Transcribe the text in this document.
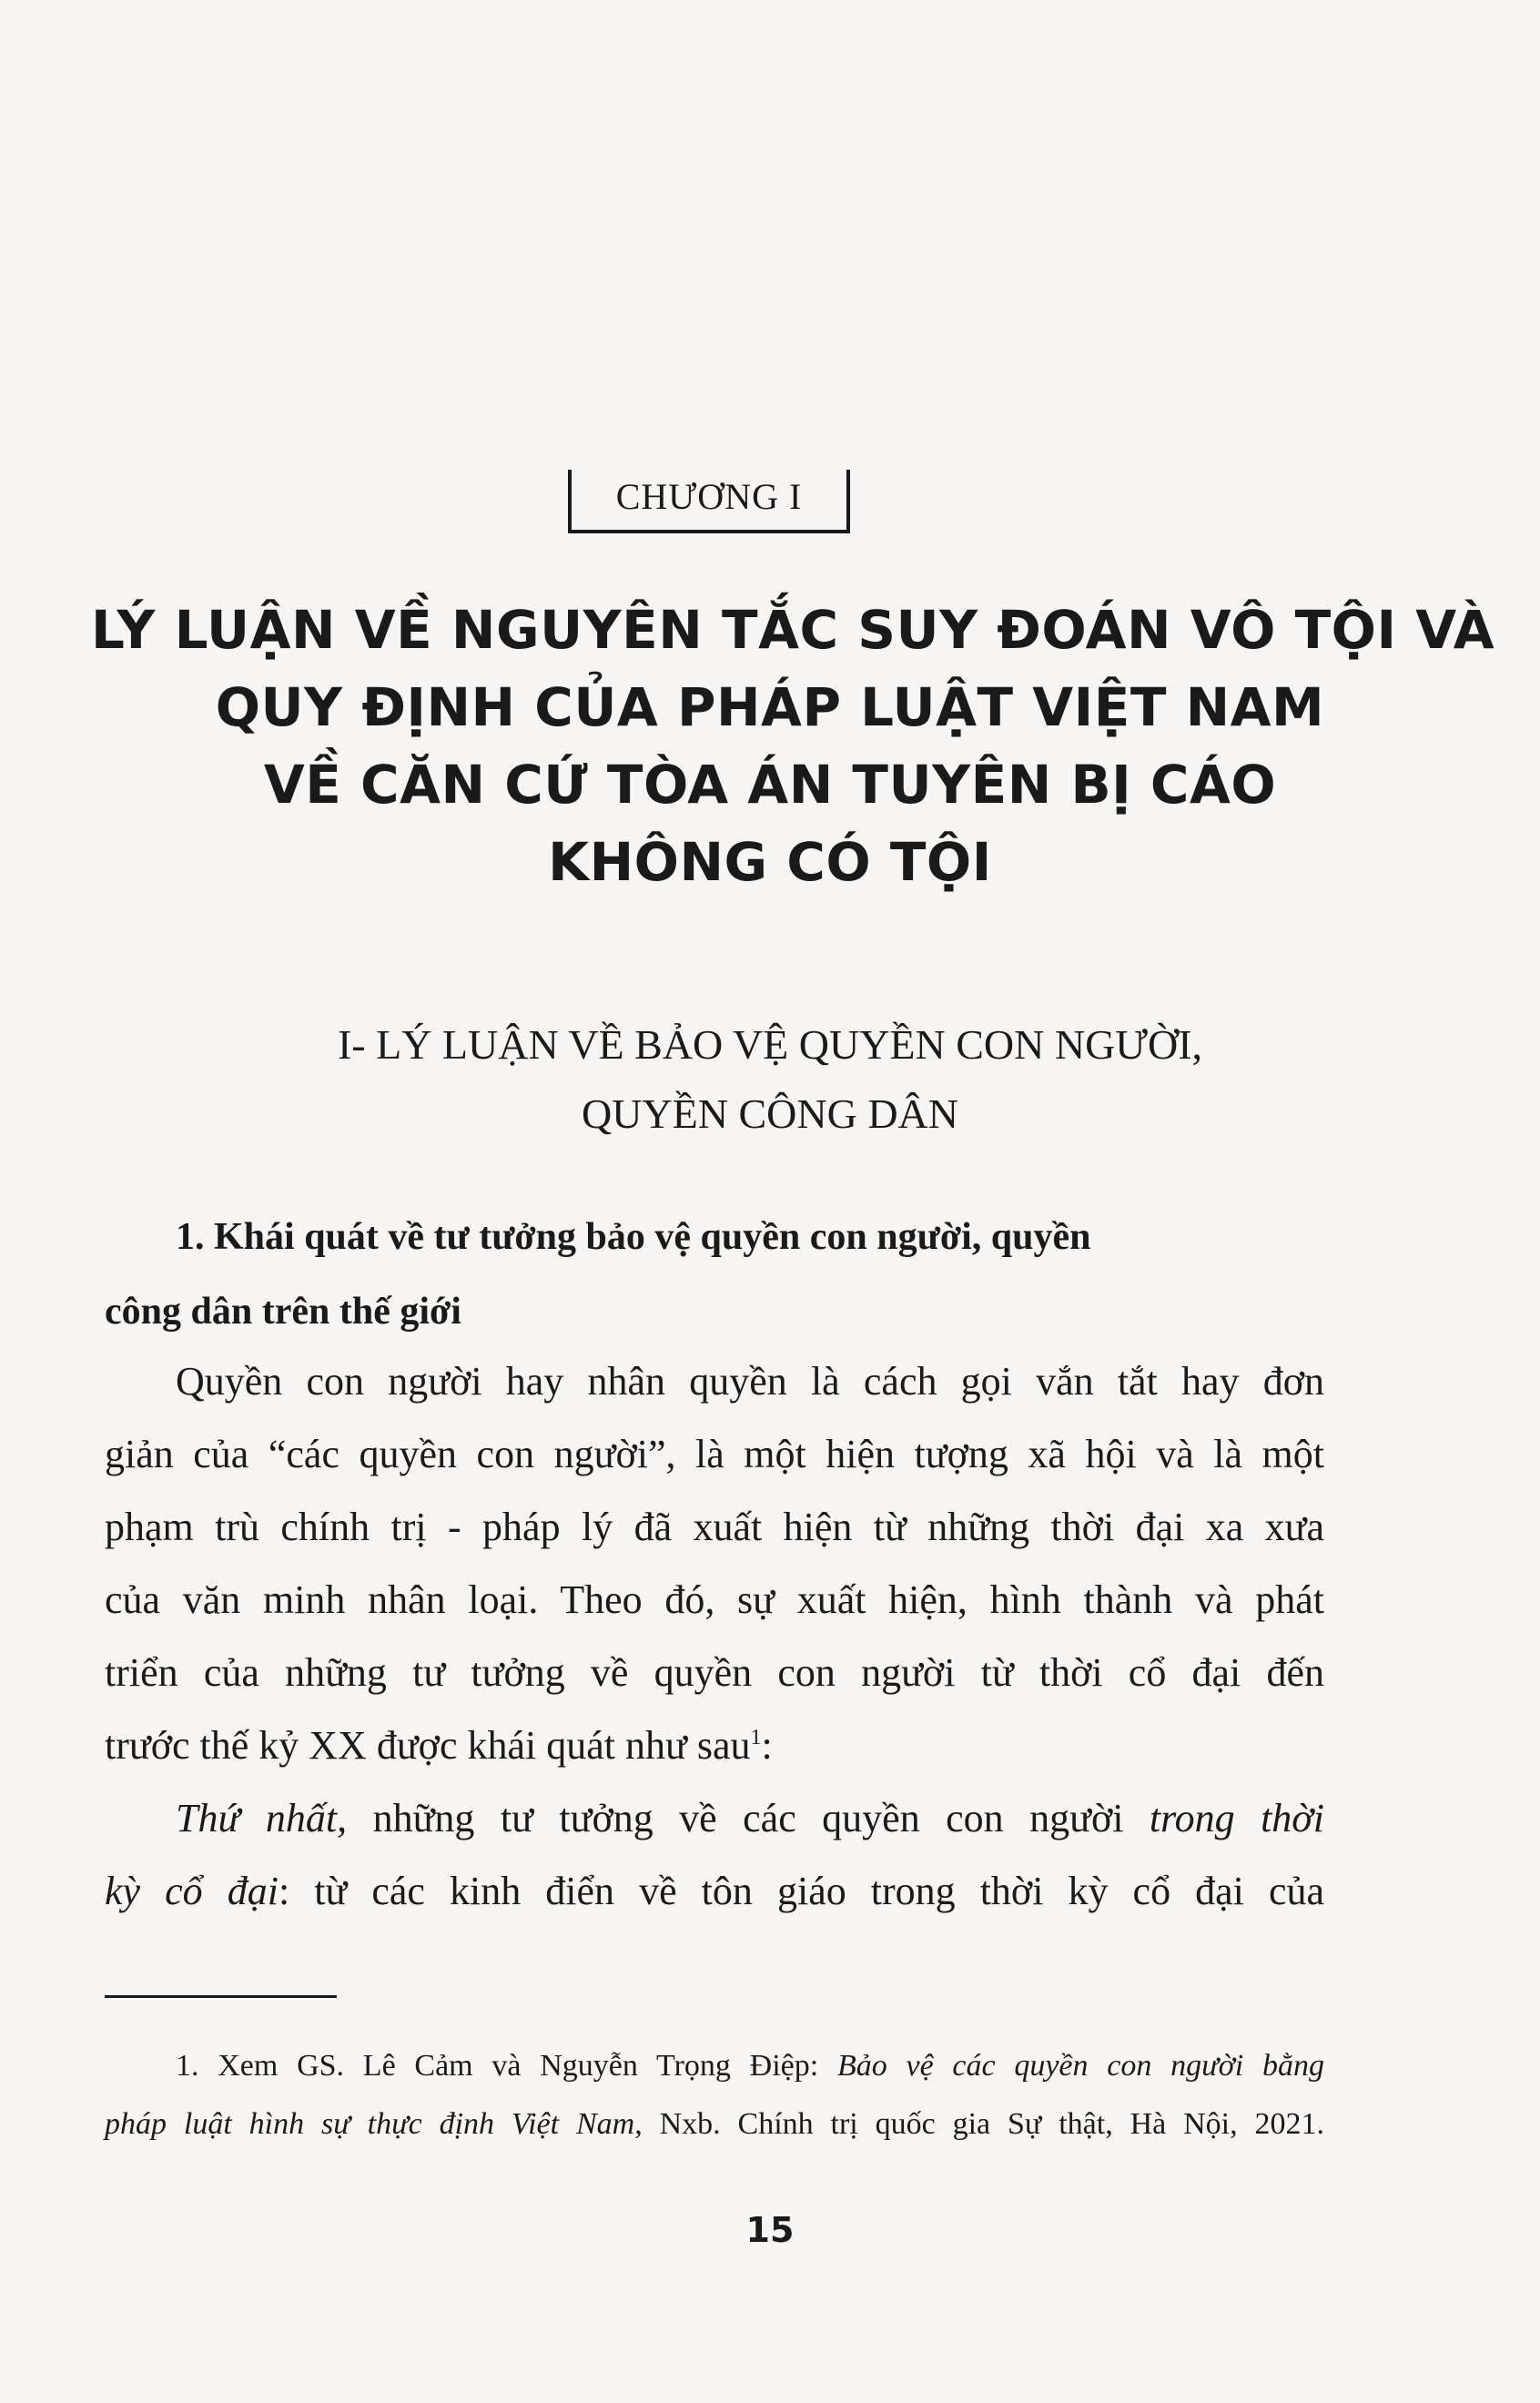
CHƯƠNG I
LÝ LUẬN VỀ NGUYÊN TẮC SUY ĐOÁN VÔ TỘI VÀ
QUY ĐỊNH CỦA PHÁP LUẬT VIỆT NAM
VỀ CĂN CỨ TÒA ÁN TUYÊN BỊ CÁO
KHÔNG CÓ TỘI
I- LÝ LUẬN VỀ BẢO VỆ QUYỀN CON NGƯỜI,
QUYỀN CÔNG DÂN
1. Khái quát về tư tưởng bảo vệ quyền con người, quyền
công dân trên thế giới
Quyền con người hay nhân quyền là cách gọi vắn tắt hay đơn
giản của “các quyền con người”, là một hiện tượng xã hội và là một
phạm trù chính trị - pháp lý đã xuất hiện từ những thời đại xa xưa
của văn minh nhân loại. Theo đó, sự xuất hiện, hình thành và phát
triển của những tư tưởng về quyền con người từ thời cổ đại đến
trước thế kỷ XX được khái quát như sau$^1$:
Thứ nhất, những tư tưởng về các quyền con người trong thời
kỳ cổ đại: từ các kinh điển về tôn giáo trong thời kỳ cổ đại của
1. Xem GS. Lê Cảm và Nguyễn Trọng Điệp: Bảo vệ các quyền con người bằng
pháp luật hình sự thực định Việt Nam, Nxb. Chính trị quốc gia Sự thật, Hà Nội, 2021.
15
